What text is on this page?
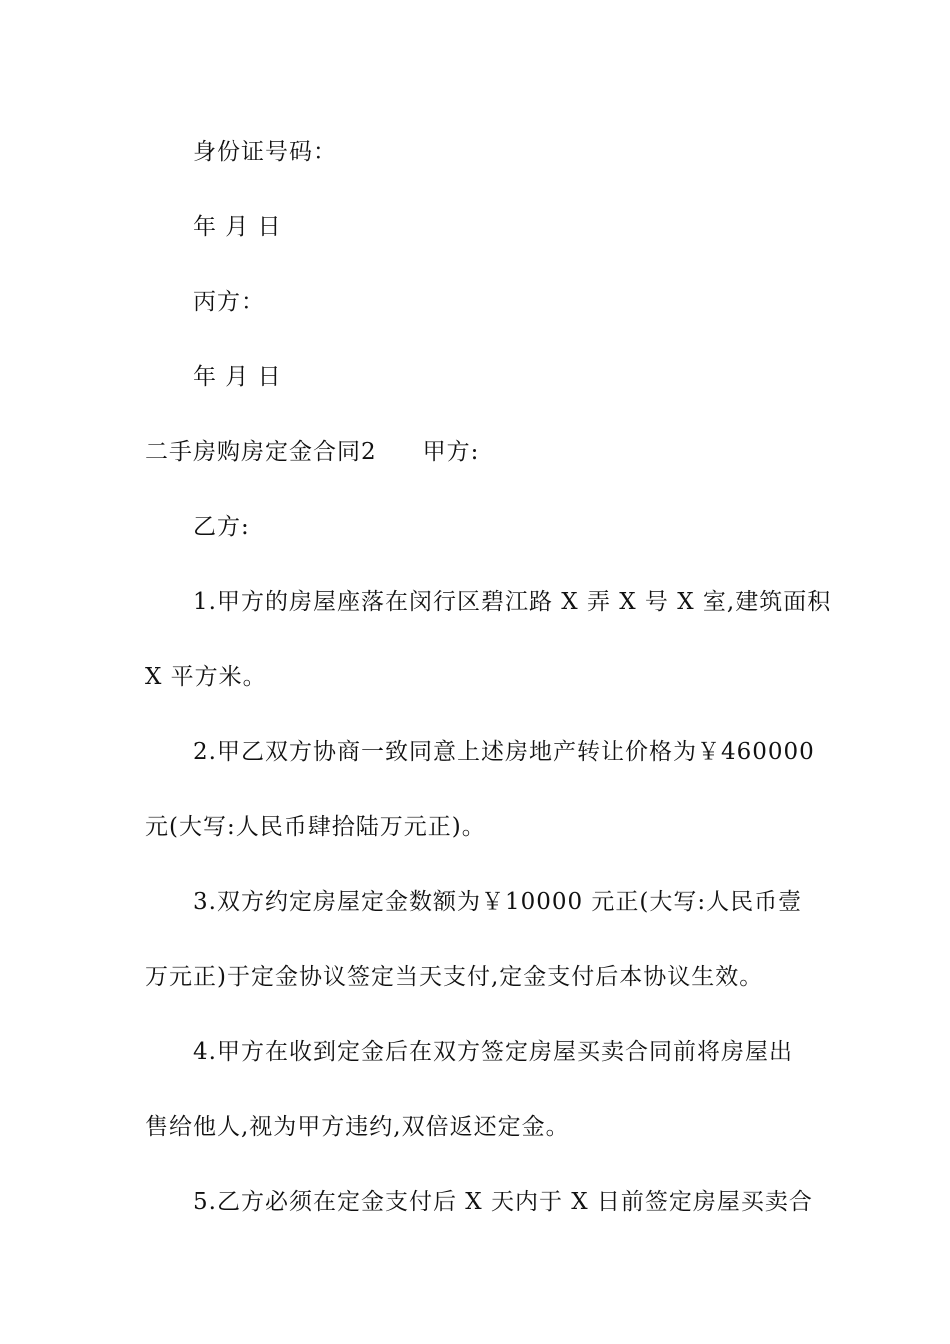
身份证号码：
年 月 日
丙方：
年 月 日
二手房购房定金合同2 甲方:
乙方:
1.甲方的房屋座落在闵行区碧江路 X 弄 X 号 X 室,建筑面积
X 平方米。
2.甲乙双方协商一致同意上述房地产转让价格为￥460000
元(大写:人民币肆拾陆万元正)。
3.双方约定房屋定金数额为￥10000 元正(大写:人民币壹
万元正)于定金协议签定当天支付,定金支付后本协议生效。
4.甲方在收到定金后在双方签定房屋买卖合同前将房屋出
售给他人,视为甲方违约,双倍返还定金。
5.乙方必须在定金支付后 X 天内于 X 日前签定房屋买卖合
